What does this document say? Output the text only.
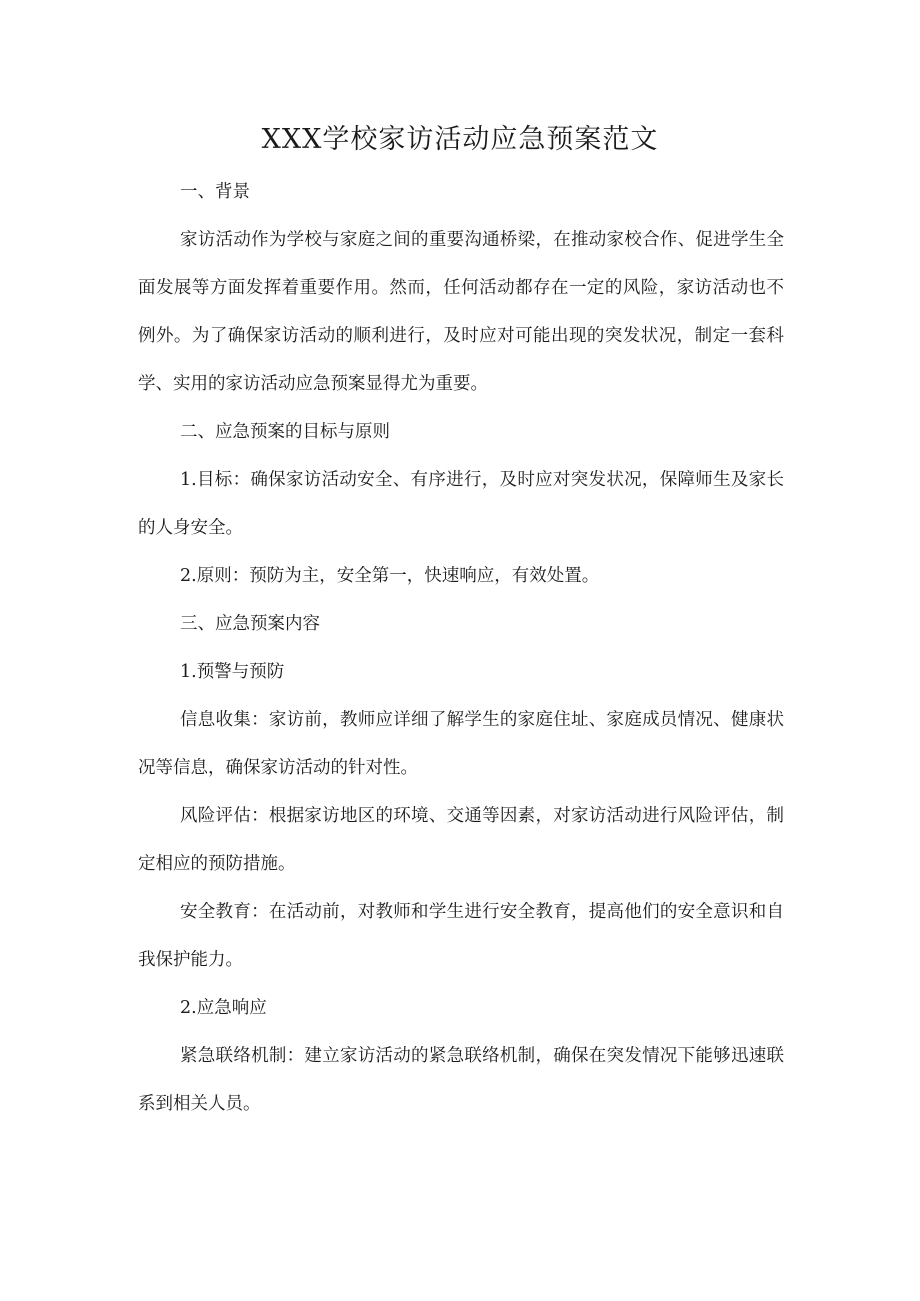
XXX学校家访活动应急预案范文

一、背景

家访活动作为学校与家庭之间的重要沟通桥梁，在推动家校合作、促进学生全面发展等方面发挥着重要作用。然而，任何活动都存在一定的风险，家访活动也不例外。为了确保家访活动的顺利进行，及时应对可能出现的突发状况，制定一套科学、实用的家访活动应急预案显得尤为重要。

二、应急预案的目标与原则

1.目标：确保家访活动安全、有序进行，及时应对突发状况，保障师生及家长的人身安全。

2.原则：预防为主，安全第一，快速响应，有效处置。

三、应急预案内容

1.预警与预防

信息收集：家访前，教师应详细了解学生的家庭住址、家庭成员情况、健康状况等信息，确保家访活动的针对性。

风险评估：根据家访地区的环境、交通等因素，对家访活动进行风险评估，制定相应的预防措施。

安全教育：在活动前，对教师和学生进行安全教育，提高他们的安全意识和自我保护能力。

2.应急响应

紧急联络机制：建立家访活动的紧急联络机制，确保在突发情况下能够迅速联系到相关人员。
